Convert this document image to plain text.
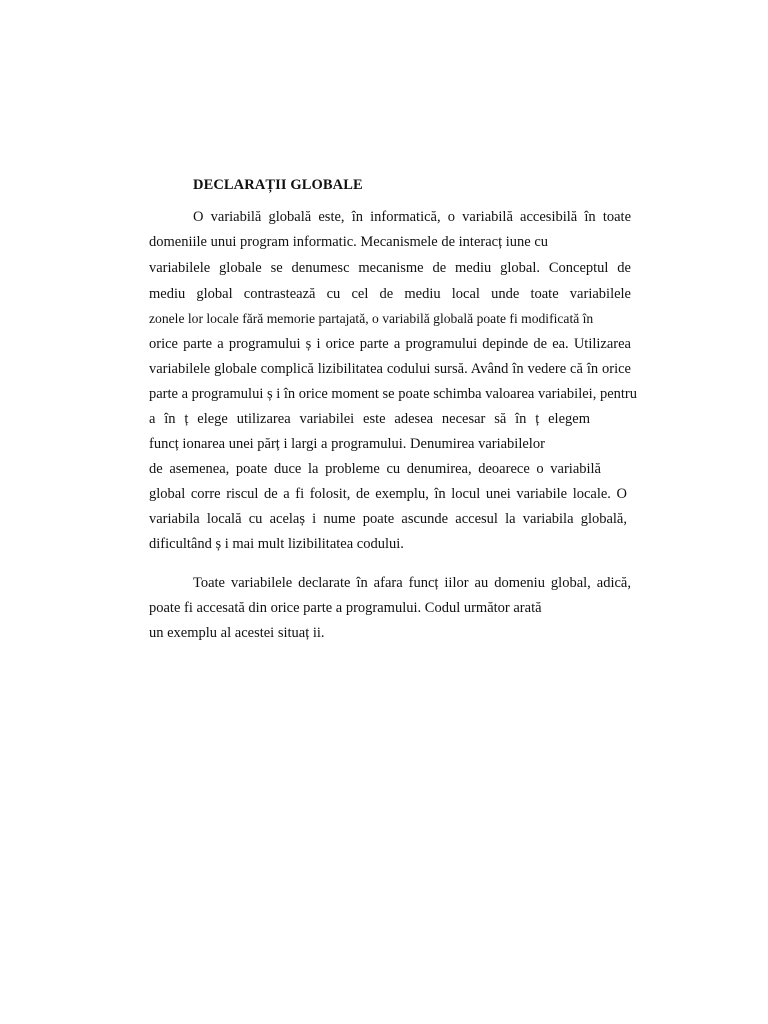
DECLARAȚII GLOBALE
O variabilă globală este, în informatică, o variabilă accesibilă în toate
domeniile unui program informatic. Mecanismele de interacț iune cu
variabilele globale se denumesc mecanisme de mediu global. Conceptul de
mediu global contrastează cu cel de mediu local unde toate variabilele
zonele lor locale fără memorie partajată, o variabilă globală poate fi modificată în
orice parte a programului ș i orice parte a programului depinde de ea. Utilizarea
variabilele globale complică lizibilitatea codului sursă. Având în vedere că în orice
parte a programului ș i în orice moment se poate schimba valoarea variabilei, pentru
a în ț elege utilizarea variabilei este adesea necesar să în ț elegem
funcț ionarea unei părț i largi a programului. Denumirea variabilelor
de asemenea, poate duce la probleme cu denumirea, deoarece o variabilă
global corre riscul de a fi folosit, de exemplu, în locul unei variabile locale. O
variabila locală cu acelaș i nume poate ascunde accesul la variabila globală,
dificultând ș i mai mult lizibilitatea codului.
Toate variabilele declarate în afara funcț iilor au domeniu global, adică,
poate fi accesată din orice parte a programului. Codul următor arată
un exemplu al acestei situaț ii.
